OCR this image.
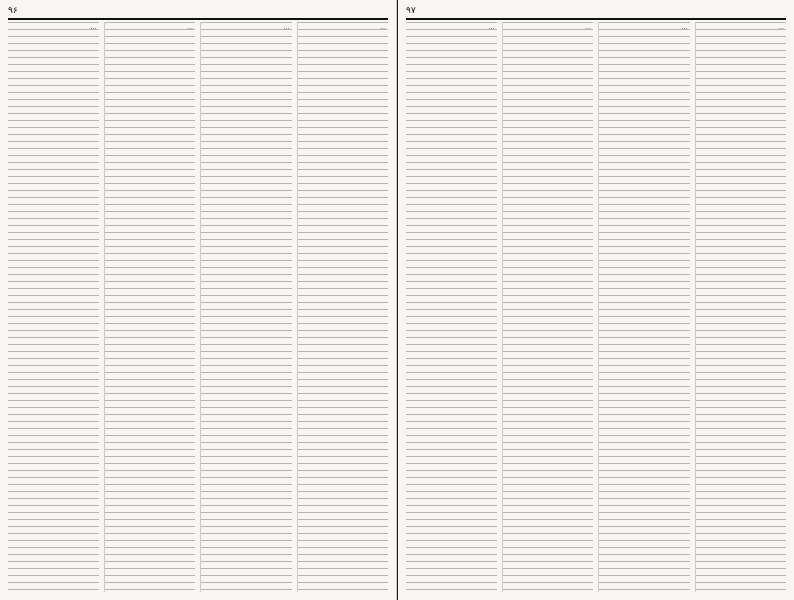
۹۶
…
…
…
…
۹۷
…
…
…
…
